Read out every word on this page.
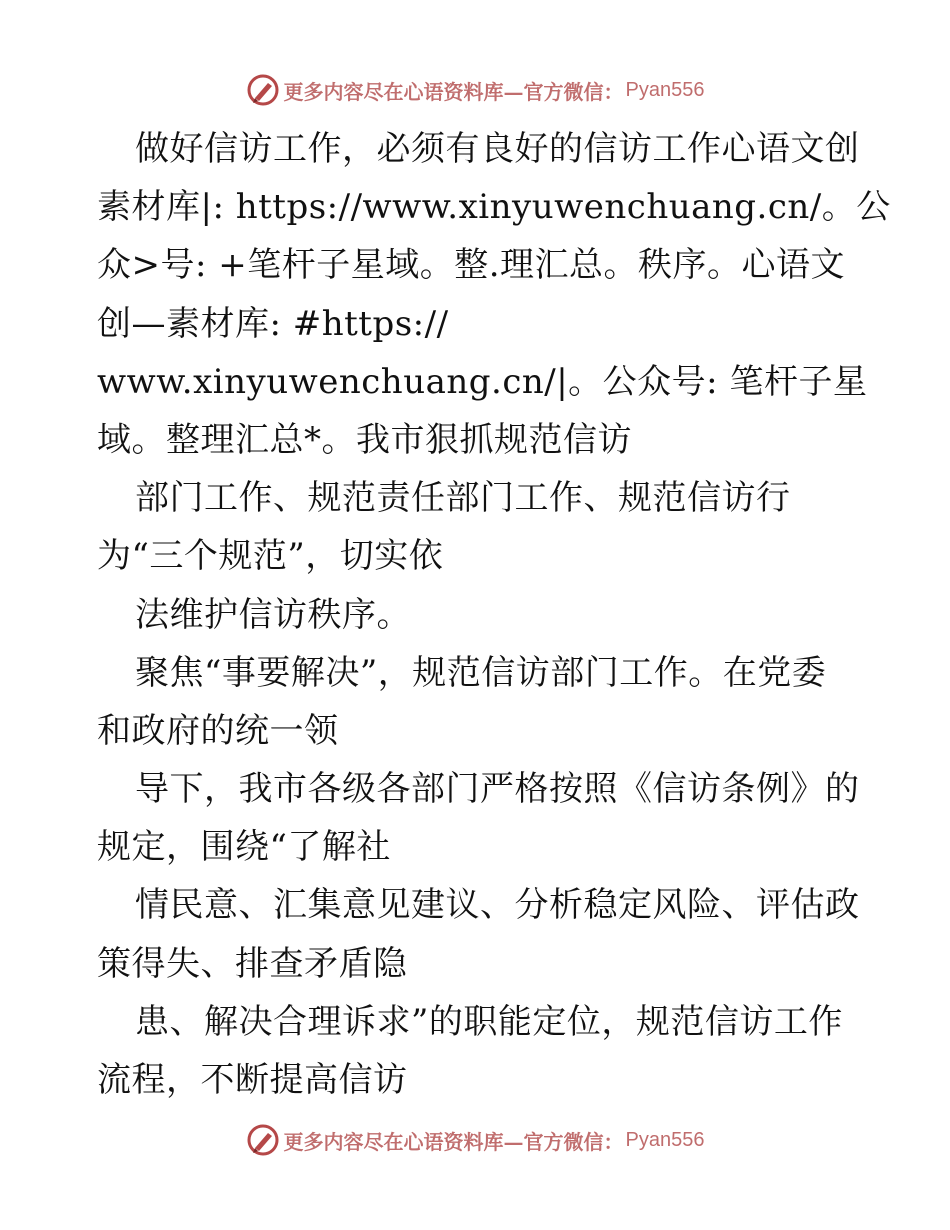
更多内容尽在心语资料库—官方微信： Pyan556
做好信访工作，必须有良好的信访工作心语文创
素材库|: https://www.xinyuwenchuang.cn/。公
众>号: +笔杆子星域。整.理汇总。秩序。心语文
创—素材库: #https://
www.xinyuwenchuang.cn/|。公众号: 笔杆子星
域。整理汇总*。我市狠抓规范信访
部门工作、规范责任部门工作、规范信访行
为“三个规范”，切实依
法维护信访秩序。
聚焦“事要解决”，规范信访部门工作。在党委
和政府的统一领
导下，我市各级各部门严格按照《信访条例》的
规定，围绕“了解社
情民意、汇集意见建议、分析稳定风险、评估政
策得失、排查矛盾隐
患、解决合理诉求”的职能定位，规范信访工作
流程，不断提高信访
更多内容尽在心语资料库—官方微信： Pyan556
